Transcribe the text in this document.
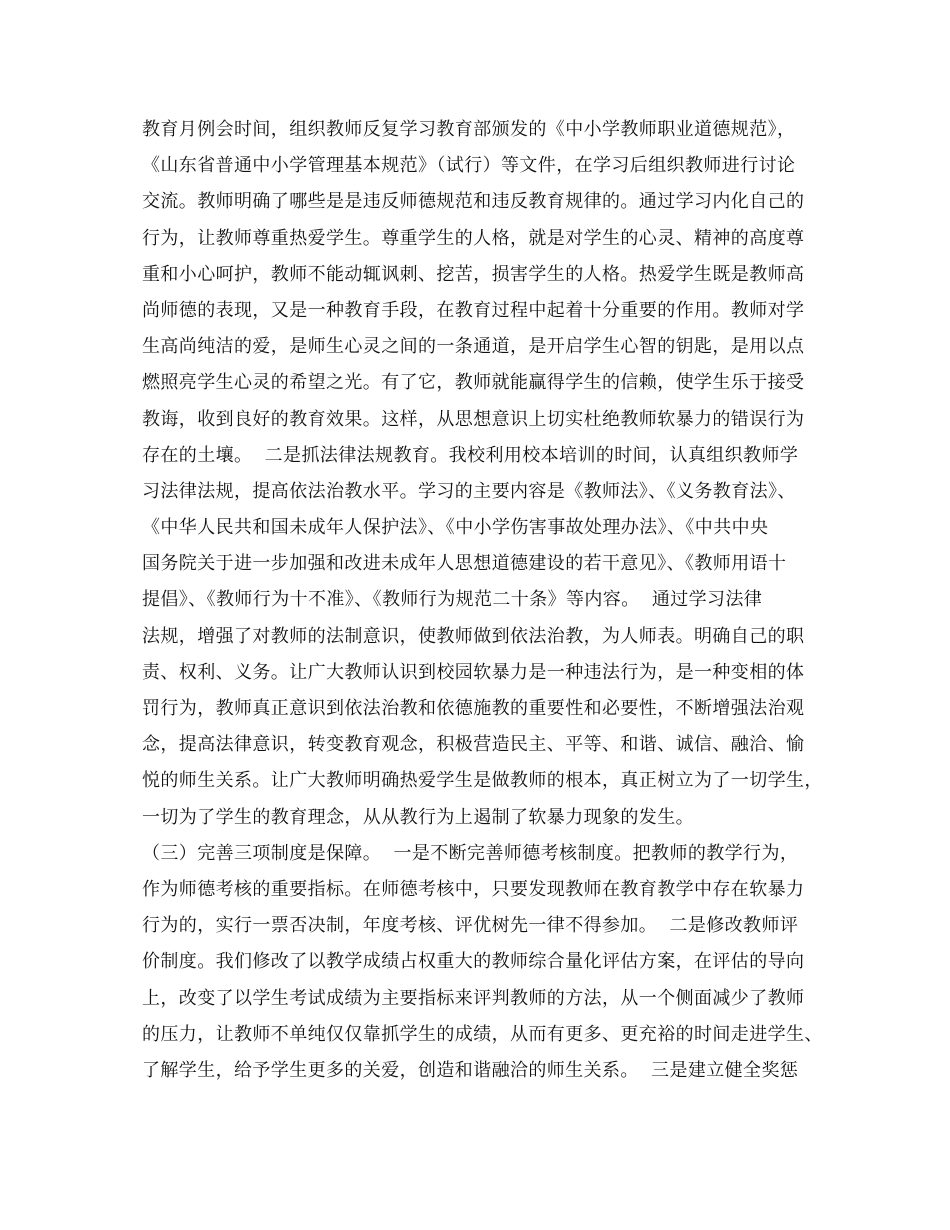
教育月例会时间，组织教师反复学习教育部颁发的《中小学教师职业道德规范》，
《山东省普通中小学管理基本规范》（试行）等文件，在学习后组织教师进行讨论
交流。教师明确了哪些是是违反师德规范和违反教育规律的。通过学习内化自己的
行为，让教师尊重热爱学生。尊重学生的人格，就是对学生的心灵、精神的高度尊
重和小心呵护，教师不能动辄讽刺、挖苦，损害学生的人格。热爱学生既是教师高
尚师德的表现，又是一种教育手段，在教育过程中起着十分重要的作用。教师对学
生高尚纯洁的爱，是师生心灵之间的一条通道，是开启学生心智的钥匙，是用以点
燃照亮学生心灵的希望之光。有了它，教师就能赢得学生的信赖，使学生乐于接受
教诲，收到良好的教育效果。这样，从思想意识上切实杜绝教师软暴力的错误行为
存在的土壤。  二是抓法律法规教育。我校利用校本培训的时间，认真组织教师学
习法律法规，提高依法治教水平。学习的主要内容是《教师法》、《义务教育法》、
《中华人民共和国未成年人保护法》、《中小学伤害事故处理办法》、《中共中央
国务院关于进一步加强和改进未成年人思想道德建设的若干意见》、《教师用语十
提倡》、《教师行为十不准》、《教师行为规范二十条》等内容。  通过学习法律
法规，增强了对教师的法制意识，使教师做到依法治教，为人师表。明确自己的职
责、权利、义务。让广大教师认识到校园软暴力是一种违法行为，是一种变相的体
罚行为，教师真正意识到依法治教和依德施教的重要性和必要性，不断增强法治观
念，提高法律意识，转变教育观念，积极营造民主、平等、和谐、诚信、融洽、愉
悦的师生关系。让广大教师明确热爱学生是做教师的根本，真正树立为了一切学生，
一切为了学生的教育理念，从从教行为上遏制了软暴力现象的发生。
（三）完善三项制度是保障。  一是不断完善师德考核制度。把教师的教学行为，
作为师德考核的重要指标。在师德考核中，只要发现教师在教育教学中存在软暴力
行为的，实行一票否决制，年度考核、评优树先一律不得参加。  二是修改教师评
价制度。我们修改了以教学成绩占权重大的教师综合量化评估方案，在评估的导向
上，改变了以学生考试成绩为主要指标来评判教师的方法，从一个侧面减少了教师
的压力，让教师不单纯仅仅靠抓学生的成绩，从而有更多、更充裕的时间走进学生、
了解学生，给予学生更多的关爱，创造和谐融洽的师生关系。  三是建立健全奖惩
